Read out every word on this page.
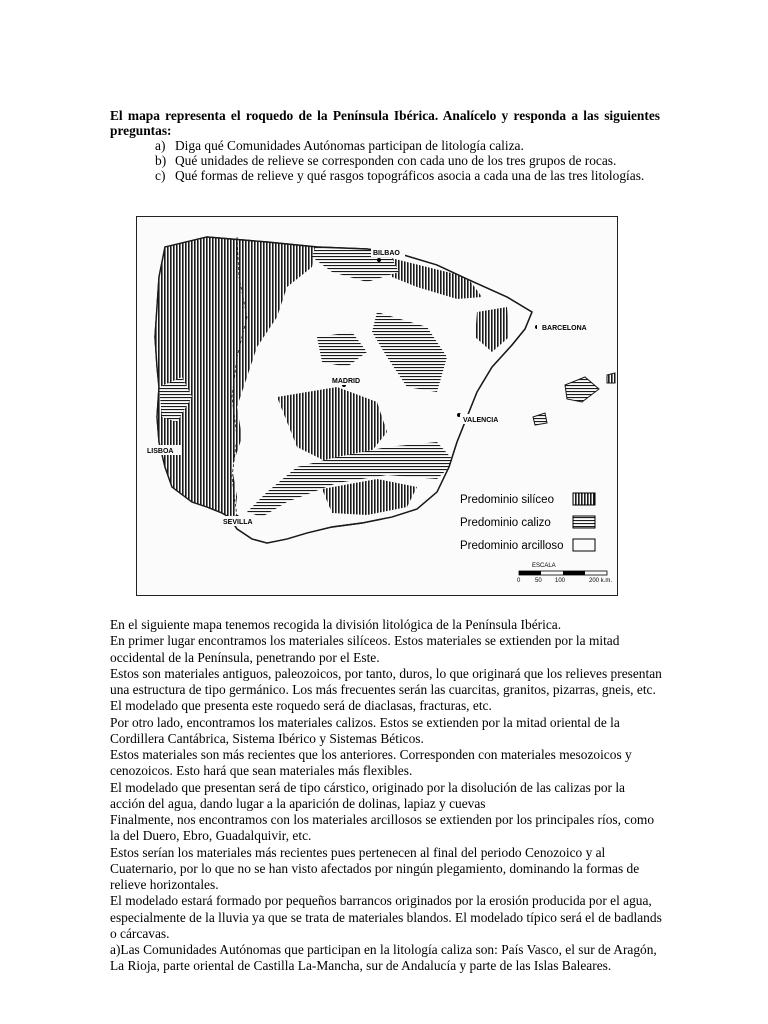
El mapa representa el roquedo de la Península Ibérica. Analícelo y responda a las siguientes preguntas:

a) Diga qué Comunidades Autónomas participan de litología caliza.
b) Qué unidades de relieve se corresponden con cada uno de los tres grupos de rocas.
c) Qué formas de relieve y qué rasgos topográficos asocia a cada una de las tres litologías.
BILBAO
BARCELONA
MADRID
VALENCIA
LISBOA
SEVILLA
Predominio silíceo
Predominio calizo
Predominio arcilloso
ESCALA
0 50 100	200 k.m.

En el siguiente mapa tenemos recogida la división litológica de la Península Ibérica.

En primer lugar encontramos los materiales silíceos. Estos materiales se extienden por la mitad occidental de la Península, penetrando por el Este.

Estos son materiales antiguos, paleozoicos, por tanto, duros, lo que originará que los relieves presentan una estructura de tipo germánico. Los más frecuentes serán las cuarcitas, granitos, pizarras, gneis, etc. El modelado que presenta este roquedo será de diaclasas, fracturas, etc.

Por otro lado, encontramos los materiales calizos. Estos se extienden por la mitad oriental de la Cordillera Cantábrica, Sistema Ibérico y Sistemas Béticos.

Estos materiales son más recientes que los anteriores. Corresponden con materiales mesozoicos y cenozoicos. Esto hará que sean materiales más flexibles.

El modelado que presentan será de tipo cárstico, originado por la disolución de las calizas por la acción del agua, dando lugar a la aparición de dolinas, lapiaz y cuevas

Finalmente, nos encontramos con los materiales arcillosos se extienden por los principales ríos, como la del Duero, Ebro, Guadalquivir, etc.

Estos serían los materiales más recientes pues pertenecen al final del periodo Cenozoico y al Cuaternario, por lo que no se han visto afectados por ningún plegamiento, dominando la formas de relieve horizontales.

El modelado estará formado por pequeños barrancos originados por la erosión producida por el agua, especialmente de la lluvia ya que se trata de materiales blandos. El modelado típico será el de badlands o cárcavas.

a)Las Comunidades Autónomas que participan en la litología caliza son: País Vasco, el sur de Aragón, La Rioja, parte oriental de Castilla La-Mancha, sur de Andalucía y parte de las Islas Baleares.
